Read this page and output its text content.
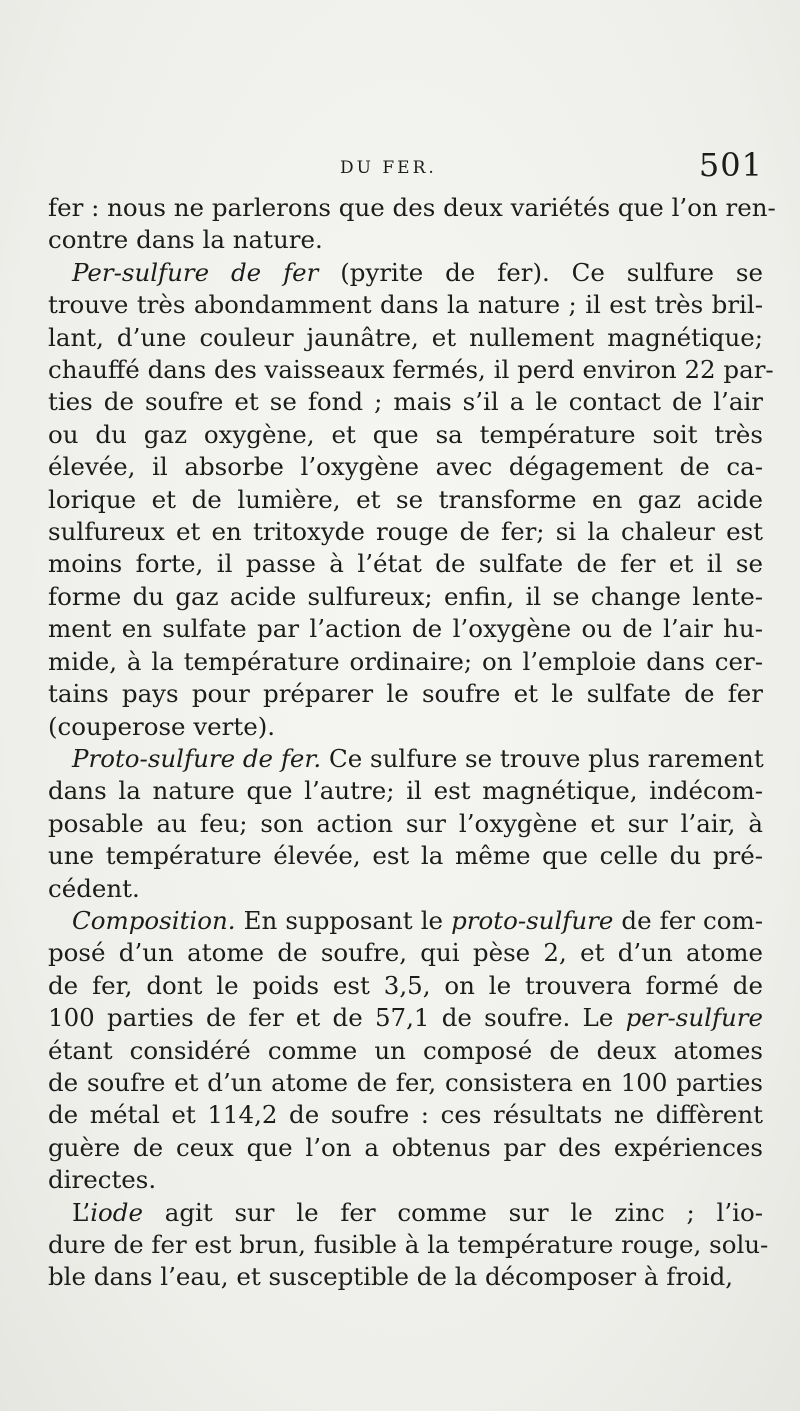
DU FER.	501

fer : nous ne parlerons que des deux variétés que l’on ren-
contre dans la nature.

Per-sulfure de fer (pyrite de fer). Ce sulfure se
trouve très abondamment dans la nature ; il est très bril-
lant, d’une couleur jaunâtre, et nullement magnétique;
chauffé dans des vaisseaux fermés, il perd environ 22 par-
ties de soufre et se fond ; mais s’il a le contact de l’air
ou du gaz oxygène, et que sa température soit très
élevée, il absorbe l’oxygène avec dégagement de ca-
lorique et de lumière, et se transforme en gaz acide
sulfureux et en tritoxyde rouge de fer; si la chaleur est
moins forte, il passe à l’état de sulfate de fer et il se
forme du gaz acide sulfureux; enfin, il se change lente-
ment en sulfate par l’action de l’oxygène ou de l’air hu-
mide, à la température ordinaire; on l’emploie dans cer-
tains pays pour préparer le soufre et le sulfate de fer
(couperose verte).

Proto-sulfure de fer. Ce sulfure se trouve plus rarement
dans la nature que l’autre; il est magnétique, indécom-
posable au feu; son action sur l’oxygène et sur l’air, à
une température élevée, est la même que celle du pré-
cédent.

Composition. En supposant le proto-sulfure de fer com-
posé d’un atome de soufre, qui pèse 2, et d’un atome
de fer, dont le poids est 3,5, on le trouvera formé de
100 parties de fer et de 57,1 de soufre. Le per-sulfure
étant considéré comme un composé de deux atomes
de soufre et d’un atome de fer, consistera en 100 parties
de métal et 114,2 de soufre : ces résultats ne diffèrent
guère de ceux que l’on a obtenus par des expériences
directes.

L’iode agit sur le fer comme sur le zinc ; l’io-
dure de fer est brun, fusible à la température rouge, solu-
ble dans l’eau, et susceptible de la décomposer à froid,
